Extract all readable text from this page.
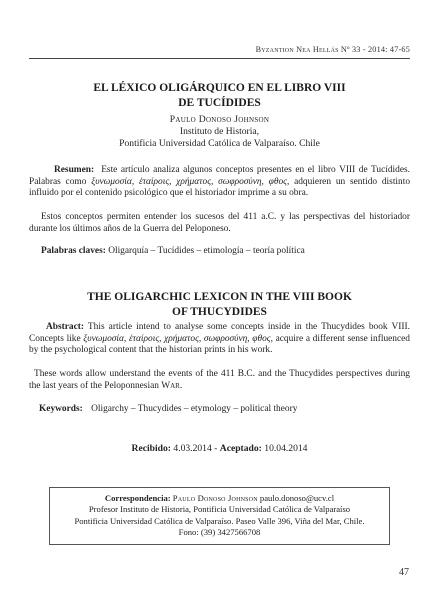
Byzantion Nea Hellás Nº 33 - 2014: 47-65
EL LÉXICO OLIGÁRQUICO EN EL LIBRO VIII
DE TUCÍDIDES
Paulo Donoso Johnson
Instituto de Historia,
Pontificia Universidad Católica de Valparaíso. Chile
Resumen: Este artículo analiza algunos conceptos presentes en el libro VIII de Tucídides. Palabras como ξυνωμοσία, ἑταίροις, χρήματος, σωφροσύνη, φθος, adquieren un sentido distinto influido por el contenido psicológico que el historiador imprime a su obra.
Estos conceptos permiten entender los sucesos del 411 a.C. y las perspectivas del historiador durante los últimos años de la Guerra del Peloponeso.
Palabras claves: Oligarquía – Tucídides – etimología – teoría política
THE OLIGARCHIC LEXICON IN THE VIII BOOK
OF THUCYDIDES
Abstract: This article intend to analyse some concepts inside in the Thucydides book VIII. Concepts like ξυνωμοσία, ἑταίροις, χρήματος, σωφροσύνη, φθος, acquire a different sense influenced by the psychological content that the historian prints in his work.
These words allow understand the events of the 411 B.C. and the Thucydides perspectives during the last years of the Peloponnesian War.
Keywords: Oligarchy – Thucydides – etymology – political theory
Recibido: 4.03.2014 - Aceptado: 10.04.2014
Correspondencia: Paulo Donoso Johnson paulo.donoso@ucv.cl
Profesor Instituto de Historia, Pontificia Universidad Católica de Valparaíso
Pontificia Universidad Católica de Valparaíso. Paseo Valle 396, Viña del Mar, Chile.
Fono: (39) 3427566708
47
